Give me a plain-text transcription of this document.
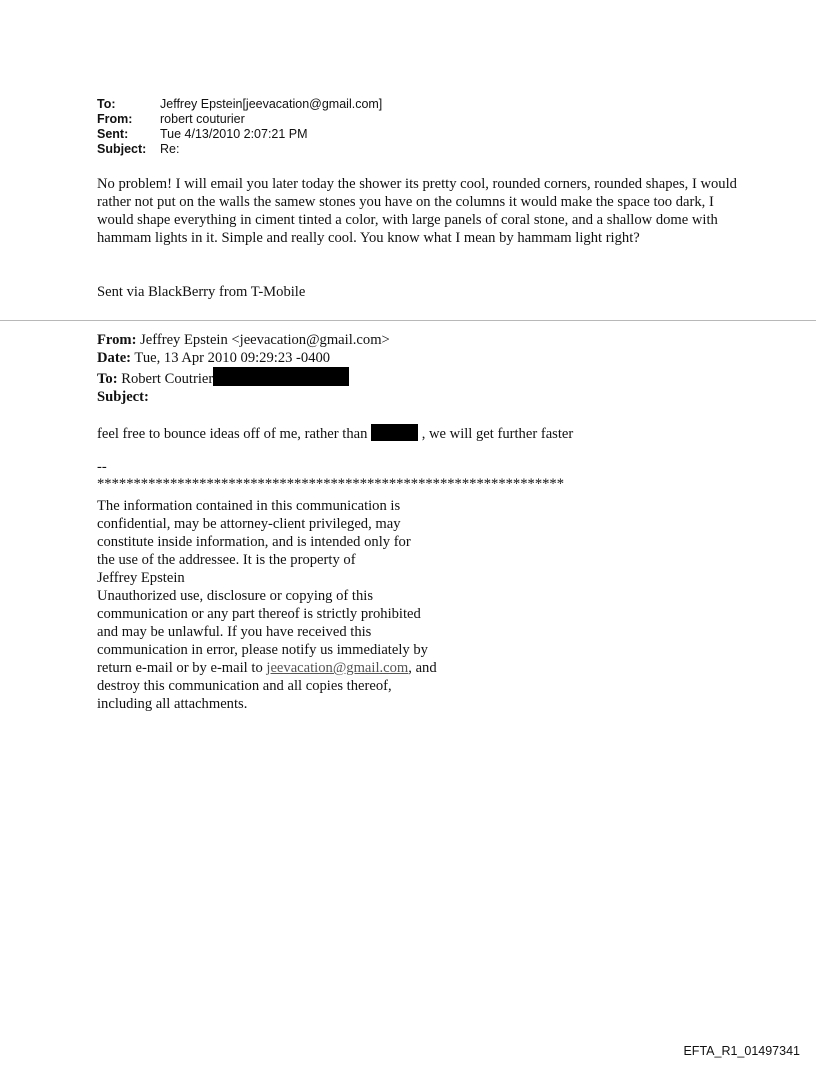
To:	Jeffrey Epstein[jeevacation@gmail.com]
From:	robert couturier
Sent:	Tue 4/13/2010 2:07:21 PM
Subject:	Re:
No problem! I will email you later today the shower its pretty cool, rounded corners, rounded shapes, I would rather not put on the walls the samew stones you have on the columns it would make the space too dark, I would shape everything in ciment tinted a color, with large panels of coral stone, and a shallow dome with hammam lights in it. Simple and really cool. You know what I mean by hammam light right?
Sent via BlackBerry from T-Mobile
From: Jeffrey Epstein <jeevacation@gmail.com>
Date: Tue, 13 Apr 2010 09:29:23 -0400
To: Robert Coutrier
Subject:
feel free to bounce ideas off of me, rather than	, we will get further faster
--
****************************************************************
The information contained in this communication is
confidential, may be attorney-client privileged, may
constitute inside information, and is intended only for
the use of the addressee. It is the property of
Jeffrey Epstein
Unauthorized use, disclosure or copying of this
communication or any part thereof is strictly prohibited
and may be unlawful. If you have received this
communication in error, please notify us immediately by
return e-mail or by e-mail to jeevacation@gmail.com, and
destroy this communication and all copies thereof,
including all attachments.
EFTA_R1_01497341
